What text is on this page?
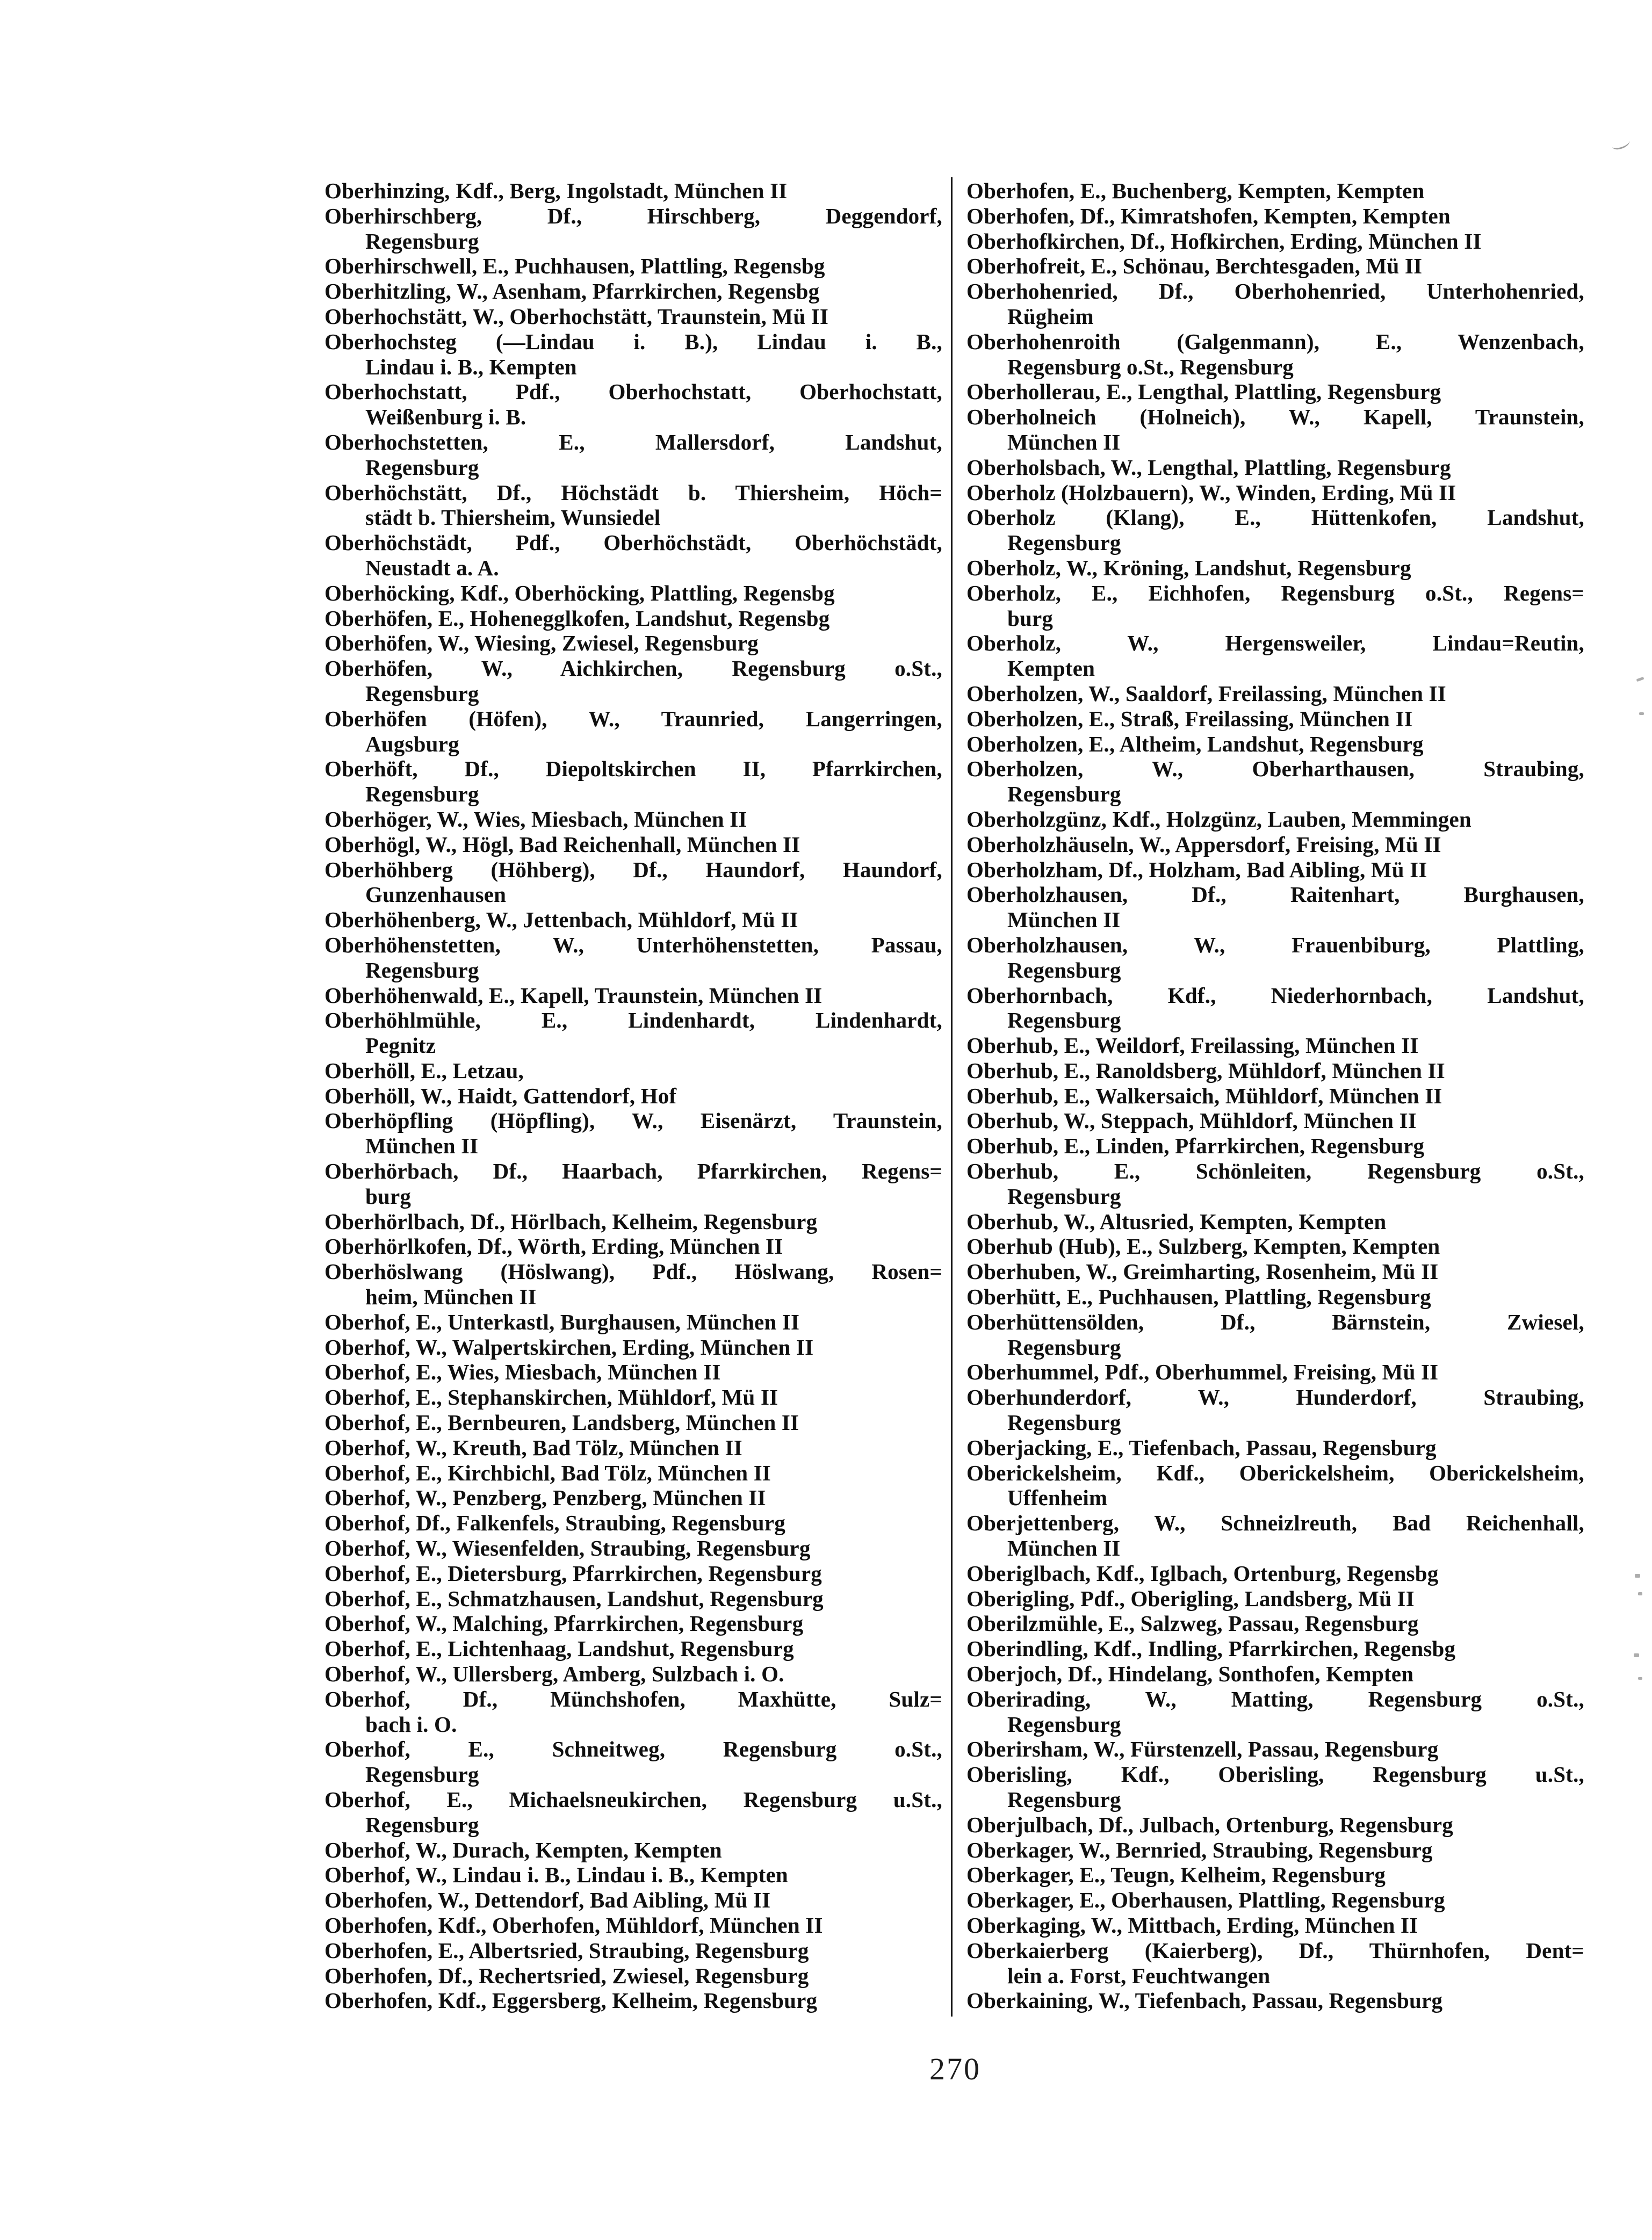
Oberhinzing, Kdf., Berg, Ingolstadt, München II
Oberhirschberg, Df., Hirschberg, Deggendorf,
Regensburg
Oberhirschwell, E., Puchhausen, Plattling, Regensbg
Oberhitzling, W., Asenham, Pfarrkirchen, Regensbg
Oberhochstätt, W., Oberhochstätt, Traunstein, Mü II
Oberhochsteg (—Lindau i. B.), Lindau i. B.,
Lindau i. B., Kempten
Oberhochstatt, Pdf., Oberhochstatt, Oberhochstatt,
Weißenburg i. B.
Oberhochstetten, E., Mallersdorf, Landshut,
Regensburg
Oberhöchstätt, Df., Höchstädt b. Thiersheim, Höch=
städt b. Thiersheim, Wunsiedel
Oberhöchstädt, Pdf., Oberhöchstädt, Oberhöchstädt,
Neustadt a. A.
Oberhöcking, Kdf., Oberhöcking, Plattling, Regensbg
Oberhöfen, E., Hohenegglkofen, Landshut, Regensbg
Oberhöfen, W., Wiesing, Zwiesel, Regensburg
Oberhöfen, W., Aichkirchen, Regensburg o.St.,
Regensburg
Oberhöfen (Höfen), W., Traunried, Langerringen,
Augsburg
Oberhöft, Df., Diepoltskirchen II, Pfarrkirchen,
Regensburg
Oberhöger, W., Wies, Miesbach, München II
Oberhögl, W., Högl, Bad Reichenhall, München II
Oberhöhberg (Höhberg), Df., Haundorf, Haundorf,
Gunzenhausen
Oberhöhenberg, W., Jettenbach, Mühldorf, Mü II
Oberhöhenstetten, W., Unterhöhenstetten, Passau,
Regensburg
Oberhöhenwald, E., Kapell, Traunstein, München II
Oberhöhlmühle, E., Lindenhardt, Lindenhardt,
Pegnitz
Oberhöll, E., Letzau,
Oberhöll, W., Haidt, Gattendorf, Hof
Oberhöpfling (Höpfling), W., Eisenärzt, Traunstein,
München II
Oberhörbach, Df., Haarbach, Pfarrkirchen, Regens=
burg
Oberhörlbach, Df., Hörlbach, Kelheim, Regensburg
Oberhörlkofen, Df., Wörth, Erding, München II
Oberhöslwang (Höslwang), Pdf., Höslwang, Rosen=
heim, München II
Oberhof, E., Unterkastl, Burghausen, München II
Oberhof, W., Walpertskirchen, Erding, München II
Oberhof, E., Wies, Miesbach, München II
Oberhof, E., Stephanskirchen, Mühldorf, Mü II
Oberhof, E., Bernbeuren, Landsberg, München II
Oberhof, W., Kreuth, Bad Tölz, München II
Oberhof, E., Kirchbichl, Bad Tölz, München II
Oberhof, W., Penzberg, Penzberg, München II
Oberhof, Df., Falkenfels, Straubing, Regensburg
Oberhof, W., Wiesenfelden, Straubing, Regensburg
Oberhof, E., Dietersburg, Pfarrkirchen, Regensburg
Oberhof, E., Schmatzhausen, Landshut, Regensburg
Oberhof, W., Malching, Pfarrkirchen, Regensburg
Oberhof, E., Lichtenhaag, Landshut, Regensburg
Oberhof, W., Ullersberg, Amberg, Sulzbach i. O.
Oberhof, Df., Münchshofen, Maxhütte, Sulz=
bach i. O.
Oberhof, E., Schneitweg, Regensburg o.St.,
Regensburg
Oberhof, E., Michaelsneukirchen, Regensburg u.St.,
Regensburg
Oberhof, W., Durach, Kempten, Kempten
Oberhof, W., Lindau i. B., Lindau i. B., Kempten
Oberhofen, W., Dettendorf, Bad Aibling, Mü II
Oberhofen, Kdf., Oberhofen, Mühldorf, München II
Oberhofen, E., Albertsried, Straubing, Regensburg
Oberhofen, Df., Rechertsried, Zwiesel, Regensburg
Oberhofen, Kdf., Eggersberg, Kelheim, Regensburg
Oberhofen, E., Buchenberg, Kempten, Kempten
Oberhofen, Df., Kimratshofen, Kempten, Kempten
Oberhofkirchen, Df., Hofkirchen, Erding, München II
Oberhofreit, E., Schönau, Berchtesgaden, Mü II
Oberhohenried, Df., Oberhohenried, Unterhohenried,
Rügheim
Oberhohenroith (Galgenmann), E., Wenzenbach,
Regensburg o.St., Regensburg
Oberhollerau, E., Lengthal, Plattling, Regensburg
Oberholneich (Holneich), W., Kapell, Traunstein,
München II
Oberholsbach, W., Lengthal, Plattling, Regensburg
Oberholz (Holzbauern), W., Winden, Erding, Mü II
Oberholz (Klang), E., Hüttenkofen, Landshut,
Regensburg
Oberholz, W., Kröning, Landshut, Regensburg
Oberholz, E., Eichhofen, Regensburg o.St., Regens=
burg
Oberholz, W., Hergensweiler, Lindau=Reutin,
Kempten
Oberholzen, W., Saaldorf, Freilassing, München II
Oberholzen, E., Straß, Freilassing, München II
Oberholzen, E., Altheim, Landshut, Regensburg
Oberholzen, W., Oberharthausen, Straubing,
Regensburg
Oberholzgünz, Kdf., Holzgünz, Lauben, Memmingen
Oberholzhäuseln, W., Appersdorf, Freising, Mü II
Oberholzham, Df., Holzham, Bad Aibling, Mü II
Oberholzhausen, Df., Raitenhart, Burghausen,
München II
Oberholzhausen, W., Frauenbiburg, Plattling,
Regensburg
Oberhornbach, Kdf., Niederhornbach, Landshut,
Regensburg
Oberhub, E., Weildorf, Freilassing, München II
Oberhub, E., Ranoldsberg, Mühldorf, München II
Oberhub, E., Walkersaich, Mühldorf, München II
Oberhub, W., Steppach, Mühldorf, München II
Oberhub, E., Linden, Pfarrkirchen, Regensburg
Oberhub, E., Schönleiten, Regensburg o.St.,
Regensburg
Oberhub, W., Altusried, Kempten, Kempten
Oberhub (Hub), E., Sulzberg, Kempten, Kempten
Oberhuben, W., Greimharting, Rosenheim, Mü II
Oberhütt, E., Puchhausen, Plattling, Regensburg
Oberhüttensölden, Df., Bärnstein, Zwiesel,
Regensburg
Oberhummel, Pdf., Oberhummel, Freising, Mü II
Oberhunderdorf, W., Hunderdorf, Straubing,
Regensburg
Oberjacking, E., Tiefenbach, Passau, Regensburg
Oberickelsheim, Kdf., Oberickelsheim, Oberickelsheim,
Uffenheim
Oberjettenberg, W., Schneizlreuth, Bad Reichenhall,
München II
Oberiglbach, Kdf., Iglbach, Ortenburg, Regensbg
Oberigling, Pdf., Oberigling, Landsberg, Mü II
Oberilzmühle, E., Salzweg, Passau, Regensburg
Oberindling, Kdf., Indling, Pfarrkirchen, Regensbg
Oberjoch, Df., Hindelang, Sonthofen, Kempten
Oberirading, W., Matting, Regensburg o.St.,
Regensburg
Oberirsham, W., Fürstenzell, Passau, Regensburg
Oberisling, Kdf., Oberisling, Regensburg u.St.,
Regensburg
Oberjulbach, Df., Julbach, Ortenburg, Regensburg
Oberkager, W., Bernried, Straubing, Regensburg
Oberkager, E., Teugn, Kelheim, Regensburg
Oberkager, E., Oberhausen, Plattling, Regensburg
Oberkaging, W., Mittbach, Erding, München II
Oberkaierberg (Kaierberg), Df., Thürnhofen, Dent=
lein a. Forst, Feuchtwangen
Oberkaining, W., Tiefenbach, Passau, Regensburg
270
